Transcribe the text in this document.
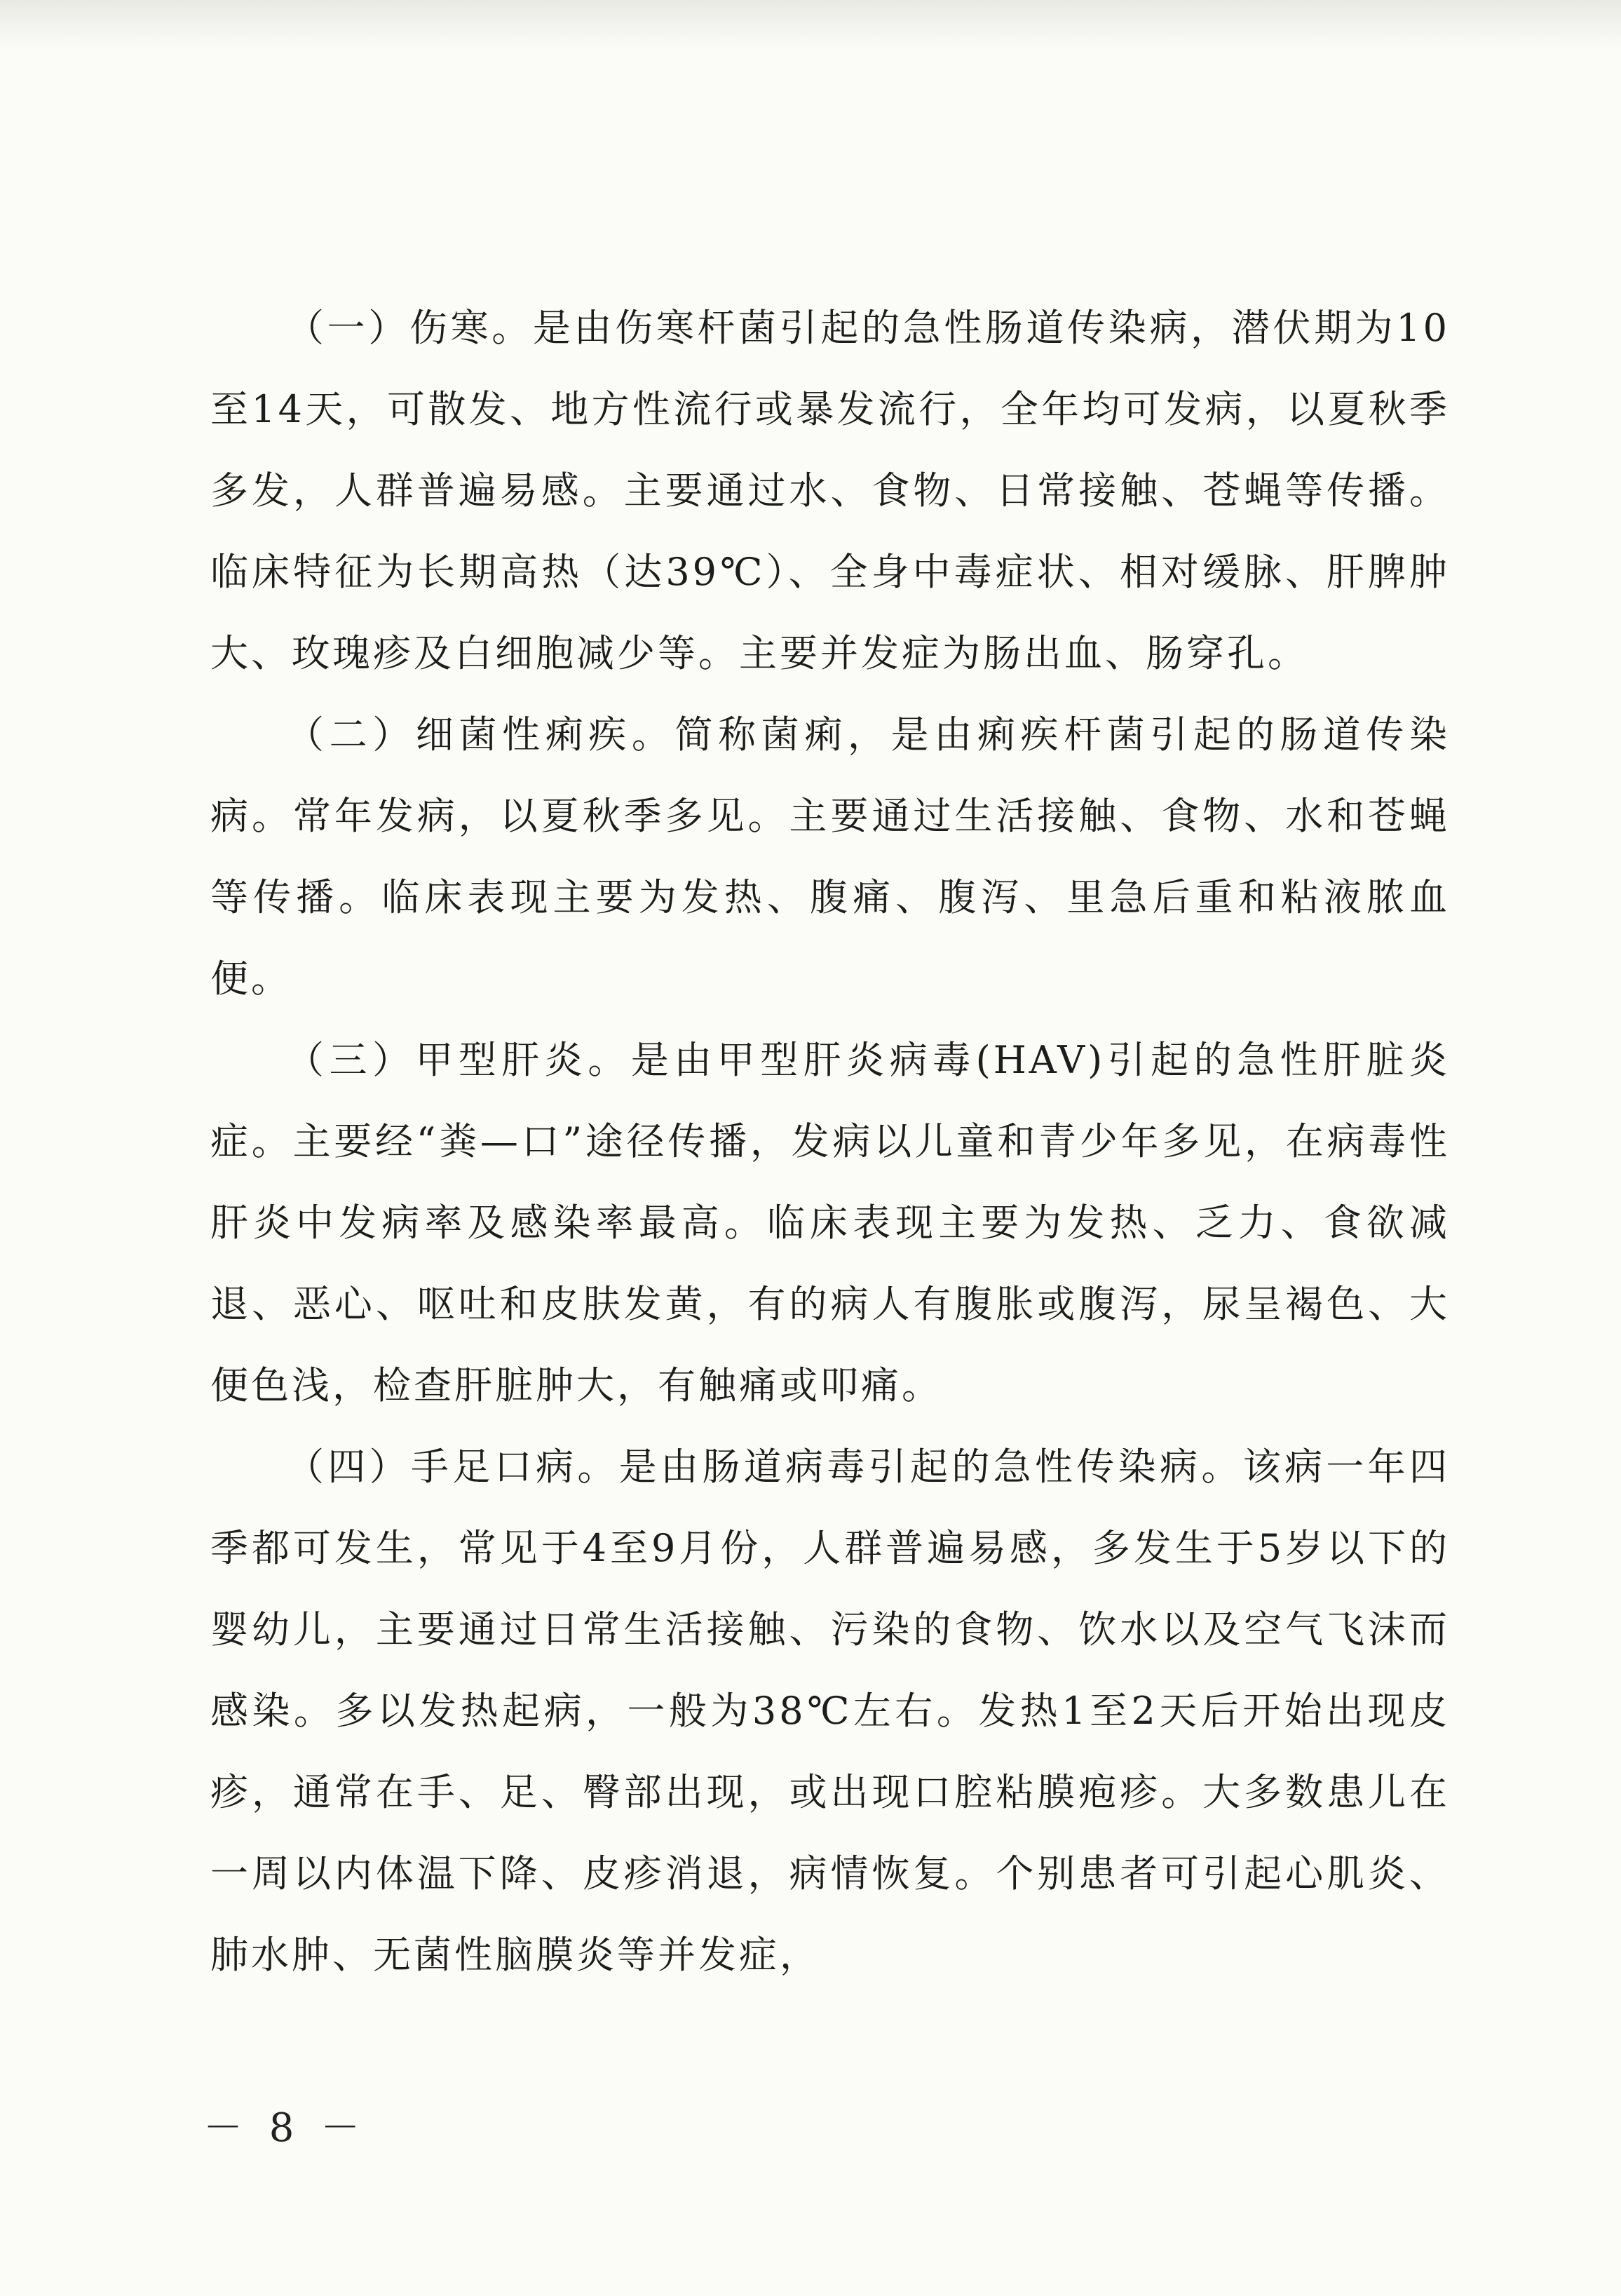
（一）伤寒。是由伤寒杆菌引起的急性肠道传染病，潜伏期为10至14天，可散发、地方性流行或暴发流行，全年均可发病，以夏秋季多发，人群普遍易感。主要通过水、食物、日常接触、苍蝇等传播。临床特征为长期高热（达39℃）、全身中毒症状、相对缓脉、肝脾肿大、玫瑰疹及白细胞减少等。主要并发症为肠出血、肠穿孔。

（二）细菌性痢疾。简称菌痢，是由痢疾杆菌引起的肠道传染病。常年发病，以夏秋季多见。主要通过生活接触、食物、水和苍蝇等传播。临床表现主要为发热、腹痛、腹泻、里急后重和粘液脓血便。

（三）甲型肝炎。是由甲型肝炎病毒(HAV)引起的急性肝脏炎症。主要经“粪—口”途径传播，发病以儿童和青少年多见，在病毒性肝炎中发病率及感染率最高。临床表现主要为发热、乏力、食欲减退、恶心、呕吐和皮肤发黄，有的病人有腹胀或腹泻，尿呈褐色、大便色浅，检查肝脏肿大，有触痛或叩痛。

（四）手足口病。是由肠道病毒引起的急性传染病。该病一年四季都可发生，常见于4至9月份，人群普遍易感，多发生于5岁以下的婴幼儿，主要通过日常生活接触、污染的食物、饮水以及空气飞沫而感染。多以发热起病，一般为38℃左右。发热1至2天后开始出现皮疹，通常在手、足、臀部出现，或出现口腔粘膜疱疹。大多数患儿在一周以内体温下降、皮疹消退，病情恢复。个别患者可引起心肌炎、肺水肿、无菌性脑膜炎等并发症，

－ 8 －
